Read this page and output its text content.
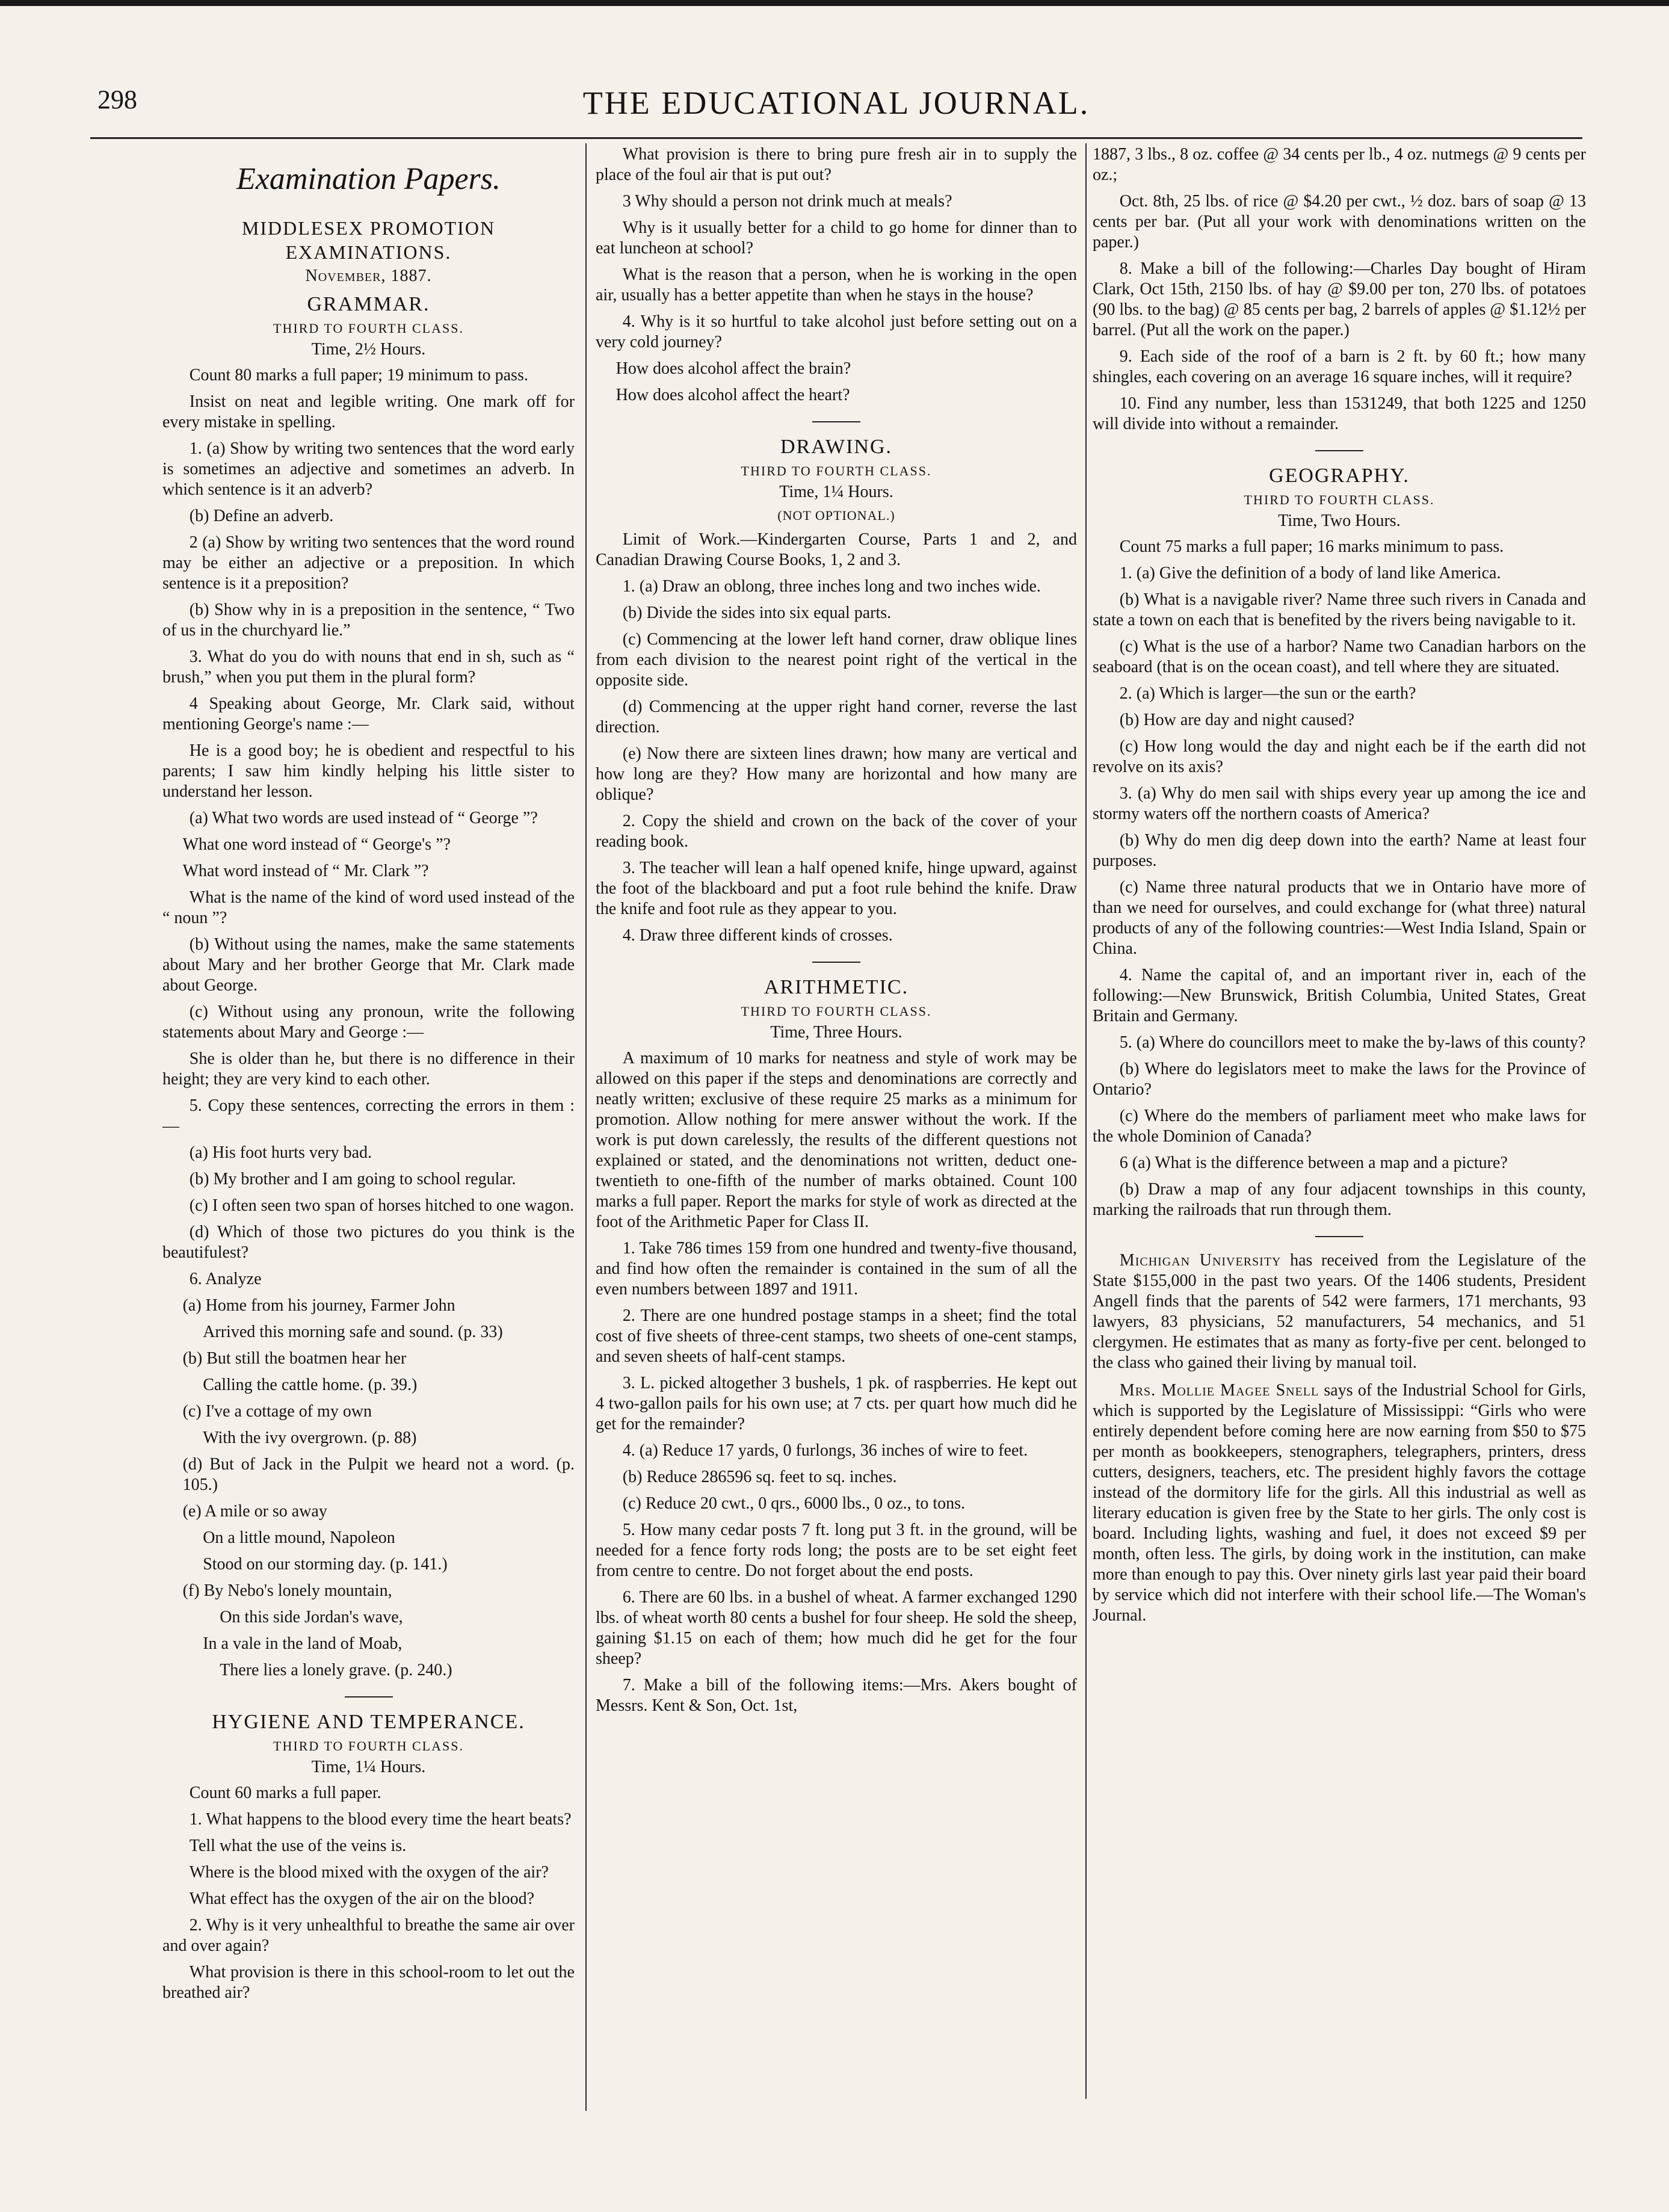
298	THE EDUCATIONAL JOURNAL.
Examination Papers.
MIDDLESEX PROMOTION EXAMINATIONS.
November, 1887.
GRAMMAR.
THIRD TO FOURTH CLASS.
Time, 2½ Hours.

Count 80 marks a full paper; 19 minimum to pass.

Insist on neat and legible writing. One mark off for every mistake in spelling.

1. (a) Show by writing two sentences that the word early is sometimes an adjective and sometimes an adverb. In which sentence is it an adverb?

(b) Define an adverb.

2 (a) Show by writing two sentences that the word round may be either an adjective or a preposition. In which sentence is it a preposition?

(b) Show why in is a preposition in the sentence, “ Two of us in the churchyard lie.”

3. What do you do with nouns that end in sh, such as “ brush,” when you put them in the plural form?

4 Speaking about George, Mr. Clark said, without mentioning George's name :—

He is a good boy; he is obedient and respectful to his parents; I saw him kindly helping his little sister to understand her lesson.

(a) What two words are used instead of “ George ”?

What one word instead of “ George's ”?

What word instead of “ Mr. Clark ”?

What is the name of the kind of word used instead of the “ noun ”?

(b) Without using the names, make the same statements about Mary and her brother George that Mr. Clark made about George.

(c) Without using any pronoun, write the following statements about Mary and George :—

She is older than he, but there is no difference in their height; they are very kind to each other.

5. Copy these sentences, correcting the errors in them :—

(a) His foot hurts very bad.

(b) My brother and I am going to school regular.

(c) I often seen two span of horses hitched to one wagon.

(d) Which of those two pictures do you think is the beautifulest?

6. Analyze

(a) Home from his journey, Farmer John

Arrived this morning safe and sound. (p. 33)

(b) But still the boatmen hear her

Calling the cattle home. (p. 39.)

(c) I've a cottage of my own

With the ivy overgrown. (p. 88)

(d) But of Jack in the Pulpit we heard not a word. (p. 105.)

(e) A mile or so away

On a little mound, Napoleon

Stood on our storming day. (p. 141.)

(f) By Nebo's lonely mountain,

On this side Jordan's wave,

In a vale in the land of Moab,

There lies a lonely grave. (p. 240.)

HYGIENE AND TEMPERANCE.
THIRD TO FOURTH CLASS.
Time, 1¼ Hours.

Count 60 marks a full paper.

1. What happens to the blood every time the heart beats?

Tell what the use of the veins is.

Where is the blood mixed with the oxygen of the air?

What effect has the oxygen of the air on the blood?

2. Why is it very unhealthful to breathe the same air over and over again?

What provision is there in this school-room to let out the breathed air?

What provision is there to bring pure fresh air in to supply the place of the foul air that is put out?

3 Why should a person not drink much at meals?

Why is it usually better for a child to go home for dinner than to eat luncheon at school?

What is the reason that a person, when he is working in the open air, usually has a better appetite than when he stays in the house?

4. Why is it so hurtful to take alcohol just before setting out on a very cold journey?

How does alcohol affect the brain?

How does alcohol affect the heart?

DRAWING.
THIRD TO FOURTH CLASS.
Time, 1¼ Hours.
(NOT OPTIONAL.)

Limit of Work.—Kindergarten Course, Parts 1 and 2, and Canadian Drawing Course Books, 1, 2 and 3.

1. (a) Draw an oblong, three inches long and two inches wide.

(b) Divide the sides into six equal parts.

(c) Commencing at the lower left hand corner, draw oblique lines from each division to the nearest point right of the vertical in the opposite side.

(d) Commencing at the upper right hand corner, reverse the last direction.

(e) Now there are sixteen lines drawn; how many are vertical and how long are they? How many are horizontal and how many are oblique?

2. Copy the shield and crown on the back of the cover of your reading book.

3. The teacher will lean a half opened knife, hinge upward, against the foot of the blackboard and put a foot rule behind the knife. Draw the knife and foot rule as they appear to you.

4. Draw three different kinds of crosses.

ARITHMETIC.
THIRD TO FOURTH CLASS.
Time, Three Hours.

A maximum of 10 marks for neatness and style of work may be allowed on this paper if the steps and denominations are correctly and neatly written; exclusive of these require 25 marks as a minimum for promotion. Allow nothing for mere answer without the work. If the work is put down carelessly, the results of the different questions not explained or stated, and the denominations not written, deduct one-twentieth to one-fifth of the number of marks obtained. Count 100 marks a full paper. Report the marks for style of work as directed at the foot of the Arithmetic Paper for Class II.

1. Take 786 times 159 from one hundred and twenty-five thousand, and find how often the remainder is contained in the sum of all the even numbers between 1897 and 1911.

2. There are one hundred postage stamps in a sheet; find the total cost of five sheets of three-cent stamps, two sheets of one-cent stamps, and seven sheets of half-cent stamps.

3. L. picked altogether 3 bushels, 1 pk. of raspberries. He kept out 4 two-gallon pails for his own use; at 7 cts. per quart how much did he get for the remainder?

4. (a) Reduce 17 yards, 0 furlongs, 36 inches of wire to feet.

(b) Reduce 286596 sq. feet to sq. inches.

(c) Reduce 20 cwt., 0 qrs., 6000 lbs., 0 oz., to tons.

5. How many cedar posts 7 ft. long put 3 ft. in the ground, will be needed for a fence forty rods long; the posts are to be set eight feet from centre to centre. Do not forget about the end posts.

6. There are 60 lbs. in a bushel of wheat. A farmer exchanged 1290 lbs. of wheat worth 80 cents a bushel for four sheep. He sold the sheep, gaining $1.15 on each of them; how much did he get for the four sheep?

7. Make a bill of the following items:—Mrs. Akers bought of Messrs. Kent & Son, Oct. 1st,

1887, 3 lbs., 8 oz. coffee @ 34 cents per lb., 4 oz. nutmegs @ 9 cents per oz.;

Oct. 8th, 25 lbs. of rice @ $4.20 per cwt., ½ doz. bars of soap @ 13 cents per bar. (Put all your work with denominations written on the paper.)

8. Make a bill of the following:—Charles Day bought of Hiram Clark, Oct 15th, 2150 lbs. of hay @ $9.00 per ton, 270 lbs. of potatoes (90 lbs. to the bag) @ 85 cents per bag, 2 barrels of apples @ $1.12½ per barrel. (Put all the work on the paper.)

9. Each side of the roof of a barn is 2 ft. by 60 ft.; how many shingles, each covering on an average 16 square inches, will it require?

10. Find any number, less than 1531249, that both 1225 and 1250 will divide into without a remainder.

GEOGRAPHY.
THIRD TO FOURTH CLASS.
Time, Two Hours.

Count 75 marks a full paper; 16 marks minimum to pass.

1. (a) Give the definition of a body of land like America.

(b) What is a navigable river? Name three such rivers in Canada and state a town on each that is benefited by the rivers being navigable to it.

(c) What is the use of a harbor? Name two Canadian harbors on the seaboard (that is on the ocean coast), and tell where they are situated.

2. (a) Which is larger—the sun or the earth?

(b) How are day and night caused?

(c) How long would the day and night each be if the earth did not revolve on its axis?

3. (a) Why do men sail with ships every year up among the ice and stormy waters off the northern coasts of America?

(b) Why do men dig deep down into the earth? Name at least four purposes.

(c) Name three natural products that we in Ontario have more of than we need for ourselves, and could exchange for (what three) natural products of any of the following countries:—West India Island, Spain or China.

4. Name the capital of, and an important river in, each of the following:—New Brunswick, British Columbia, United States, Great Britain and Germany.

5. (a) Where do councillors meet to make the by-laws of this county?

(b) Where do legislators meet to make the laws for the Province of Ontario?

(c) Where do the members of parliament meet who make laws for the whole Dominion of Canada?

6 (a) What is the difference between a map and a picture?

(b) Draw a map of any four adjacent townships in this county, marking the railroads that run through them.

Michigan University has received from the Legislature of the State $155,000 in the past two years. Of the 1406 students, President Angell finds that the parents of 542 were farmers, 171 merchants, 93 lawyers, 83 physicians, 52 manufacturers, 54 mechanics, and 51 clergymen. He estimates that as many as forty-five per cent. belonged to the class who gained their living by manual toil.

Mrs. Mollie Magee Snell says of the Industrial School for Girls, which is supported by the Legislature of Mississippi: “Girls who were entirely dependent before coming here are now earning from $50 to $75 per month as bookkeepers, stenographers, telegraphers, printers, dress cutters, designers, teachers, etc. The president highly favors the cottage instead of the dormitory life for the girls. All this industrial as well as literary education is given free by the State to her girls. The only cost is board. Including lights, washing and fuel, it does not exceed $9 per month, often less. The girls, by doing work in the institution, can make more than enough to pay this. Over ninety girls last year paid their board by service which did not interfere with their school life.—The Woman's Journal.
